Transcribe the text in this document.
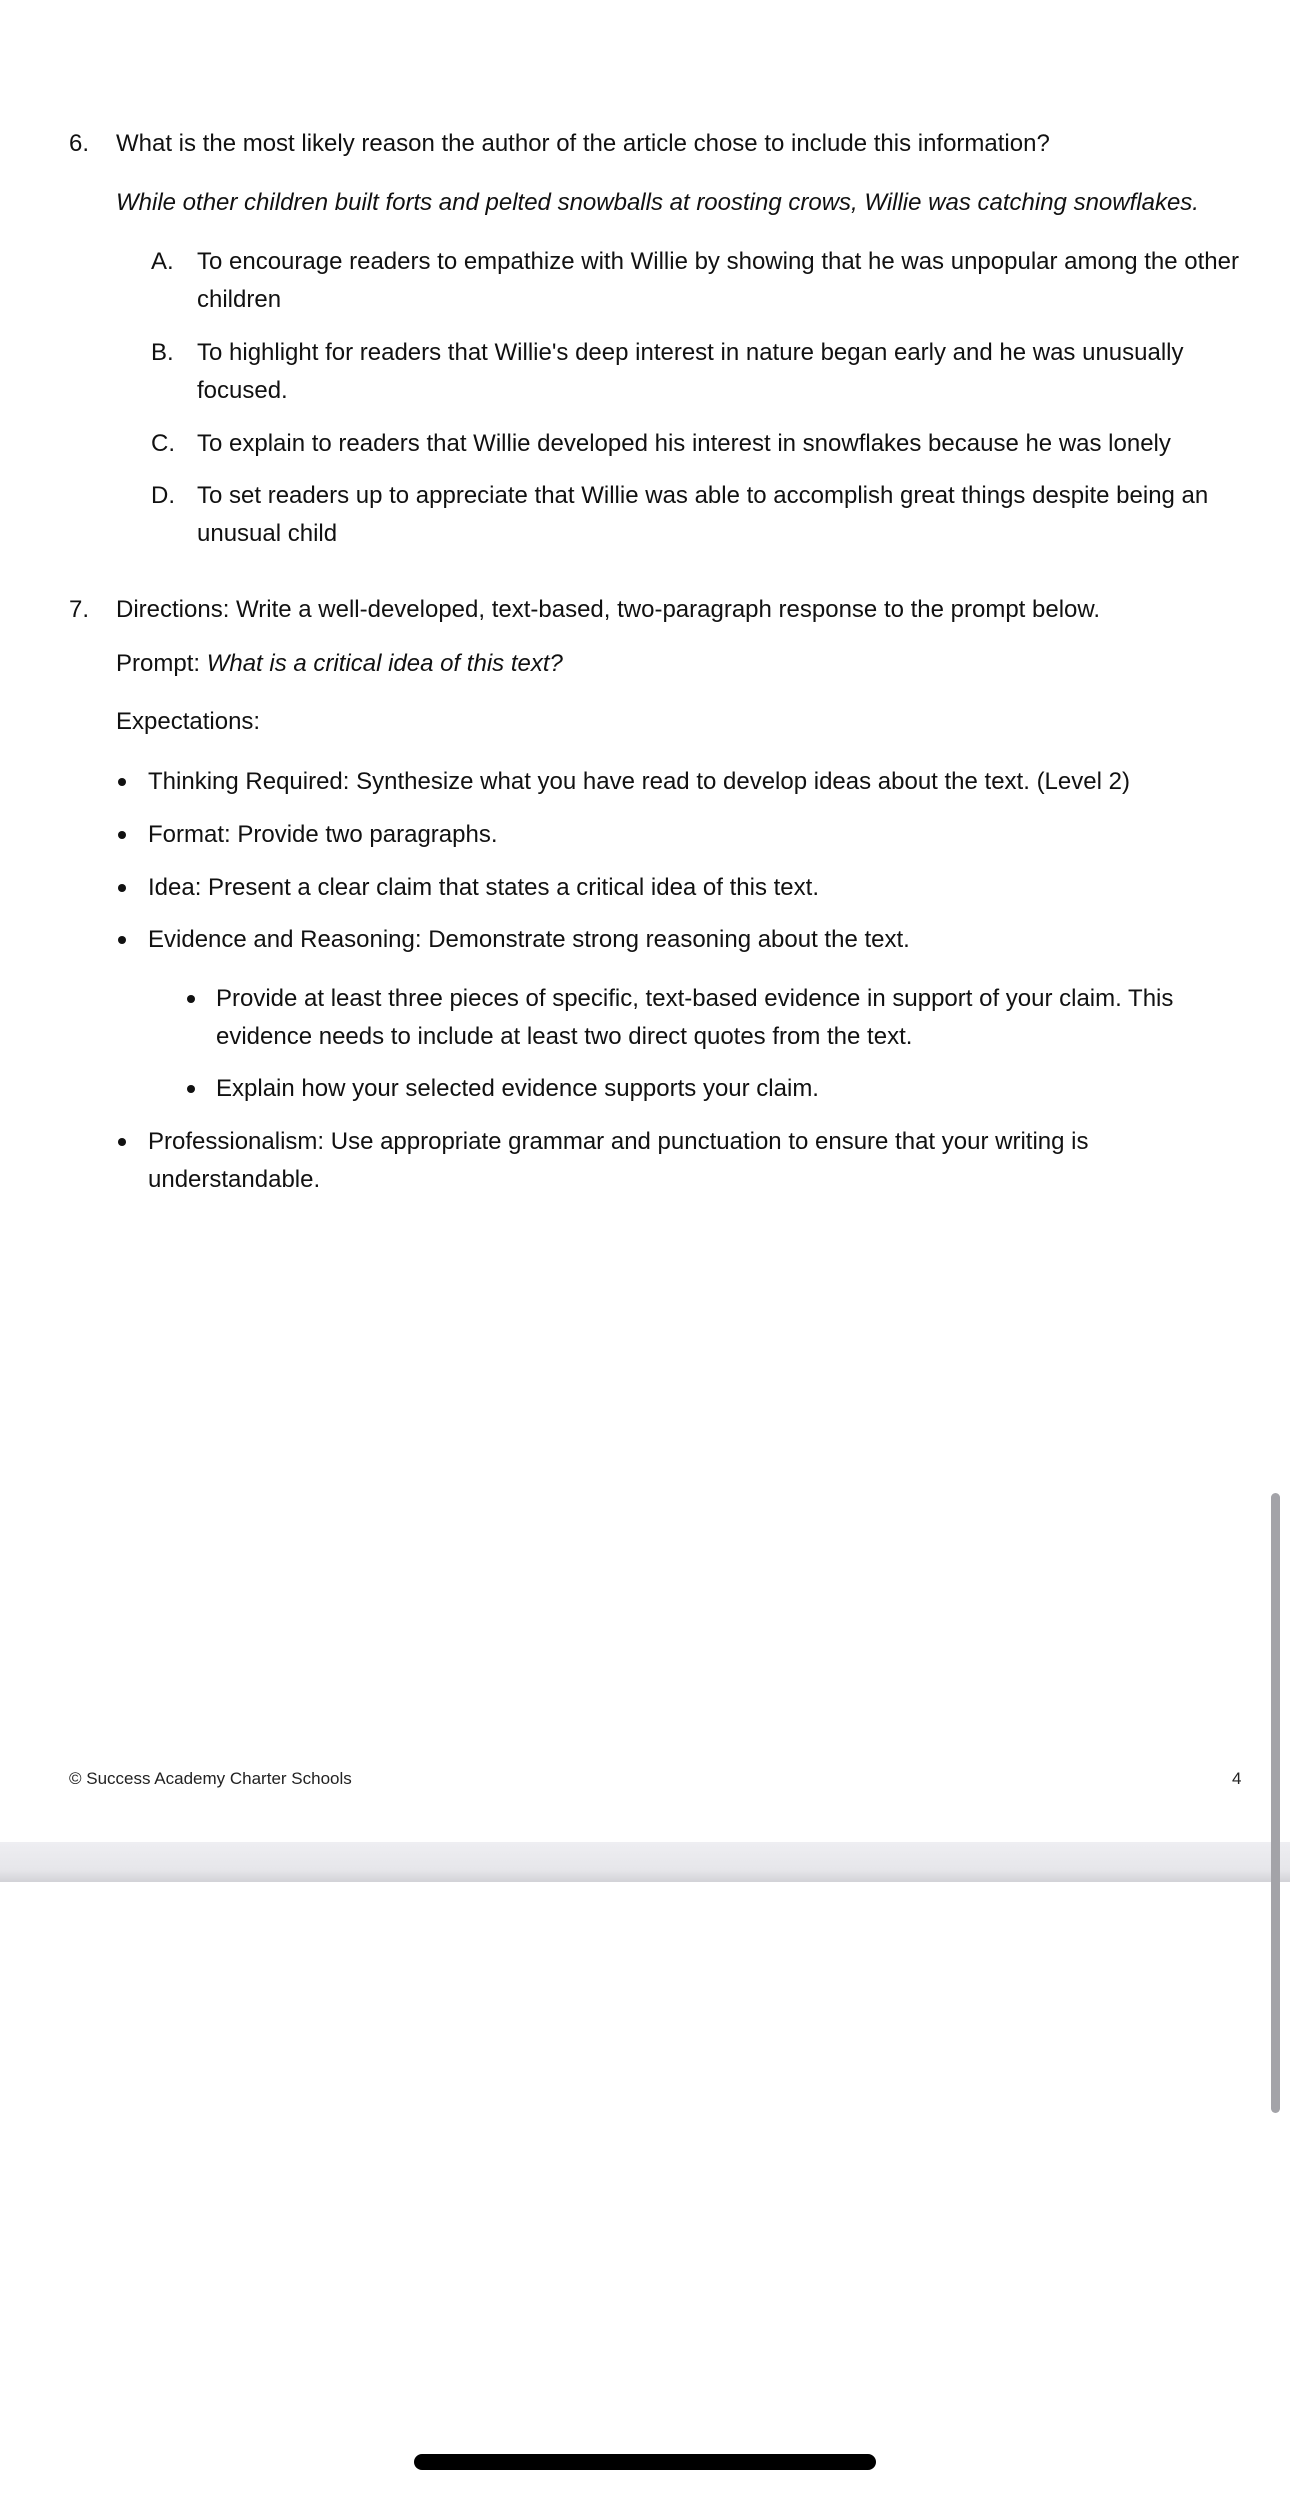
6. What is the most likely reason the author of the article chose to include this information?
While other children built forts and pelted snowballs at roosting crows, Willie was catching snowflakes.
A. To encourage readers to empathize with Willie by showing that he was unpopular among the other
children
B. To highlight for readers that Willie's deep interest in nature began early and he was unusually
focused.
C. To explain to readers that Willie developed his interest in snowflakes because he was lonely
D. To set readers up to appreciate that Willie was able to accomplish great things despite being an
unusual child
7. Directions: Write a well-developed, text-based, two-paragraph response to the prompt below.
Prompt: What is a critical idea of this text?
Expectations:
Thinking Required: Synthesize what you have read to develop ideas about the text. (Level 2)
Format: Provide two paragraphs.
Idea: Present a clear claim that states a critical idea of this text.
Evidence and Reasoning: Demonstrate strong reasoning about the text.
Provide at least three pieces of specific, text-based evidence in support of your claim. This
evidence needs to include at least two direct quotes from the text.
Explain how your selected evidence supports your claim.
Professionalism: Use appropriate grammar and punctuation to ensure that your writing is
understandable.
© Success Academy Charter Schools	4
